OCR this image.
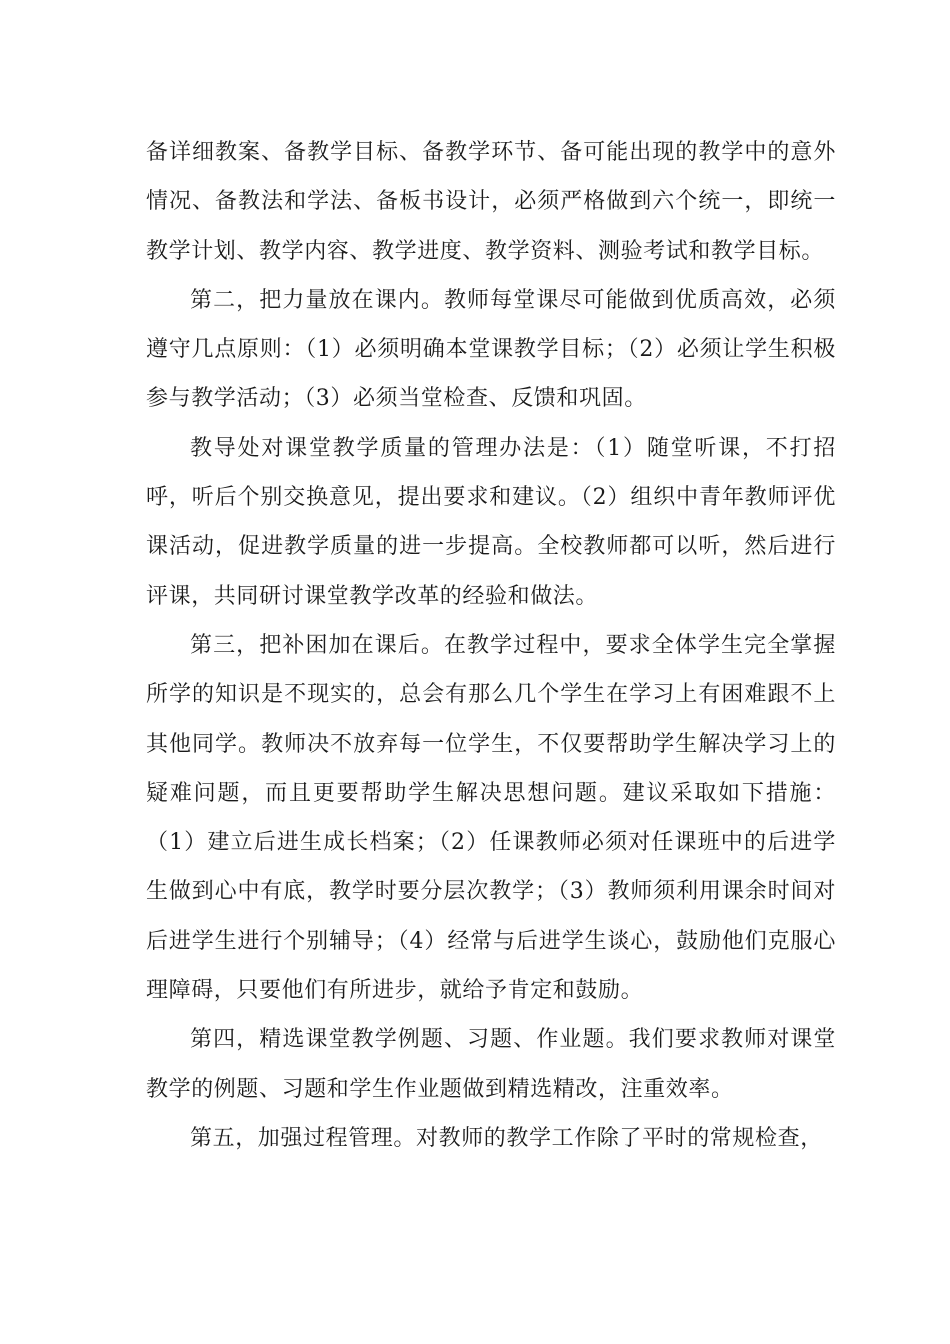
备详细教案、备教学目标、备教学环节、备可能出现的教学中的意外情况、备教法和学法、备板书设计，必须严格做到六个统一，即统一教学计划、教学内容、教学进度、教学资料、测验考试和教学目标。

第二，把力量放在课内。教师每堂课尽可能做到优质高效，必须遵守几点原则：（1）必须明确本堂课教学目标；（2）必须让学生积极参与教学活动；（3）必须当堂检查、反馈和巩固。

教导处对课堂教学质量的管理办法是：（1）随堂听课，不打招呼，听后个别交换意见，提出要求和建议。（2）组织中青年教师评优课活动，促进教学质量的进一步提高。全校教师都可以听，然后进行评课，共同研讨课堂教学改革的经验和做法。

第三，把补困加在课后。在教学过程中，要求全体学生完全掌握所学的知识是不现实的，总会有那么几个学生在学习上有困难跟不上其他同学。教师决不放弃每一位学生，不仅要帮助学生解决学习上的疑难问题，而且更要帮助学生解决思想问题。建议采取如下措施：（1）建立后进生成长档案；（2）任课教师必须对任课班中的后进学生做到心中有底，教学时要分层次教学；（3）教师须利用课余时间对后进学生进行个别辅导；（4）经常与后进学生谈心，鼓励他们克服心理障碍，只要他们有所进步，就给予肯定和鼓励。

第四，精选课堂教学例题、习题、作业题。我们要求教师对课堂教学的例题、习题和学生作业题做到精选精改，注重效率。

第五，加强过程管理。对教师的教学工作除了平时的常规检查，
